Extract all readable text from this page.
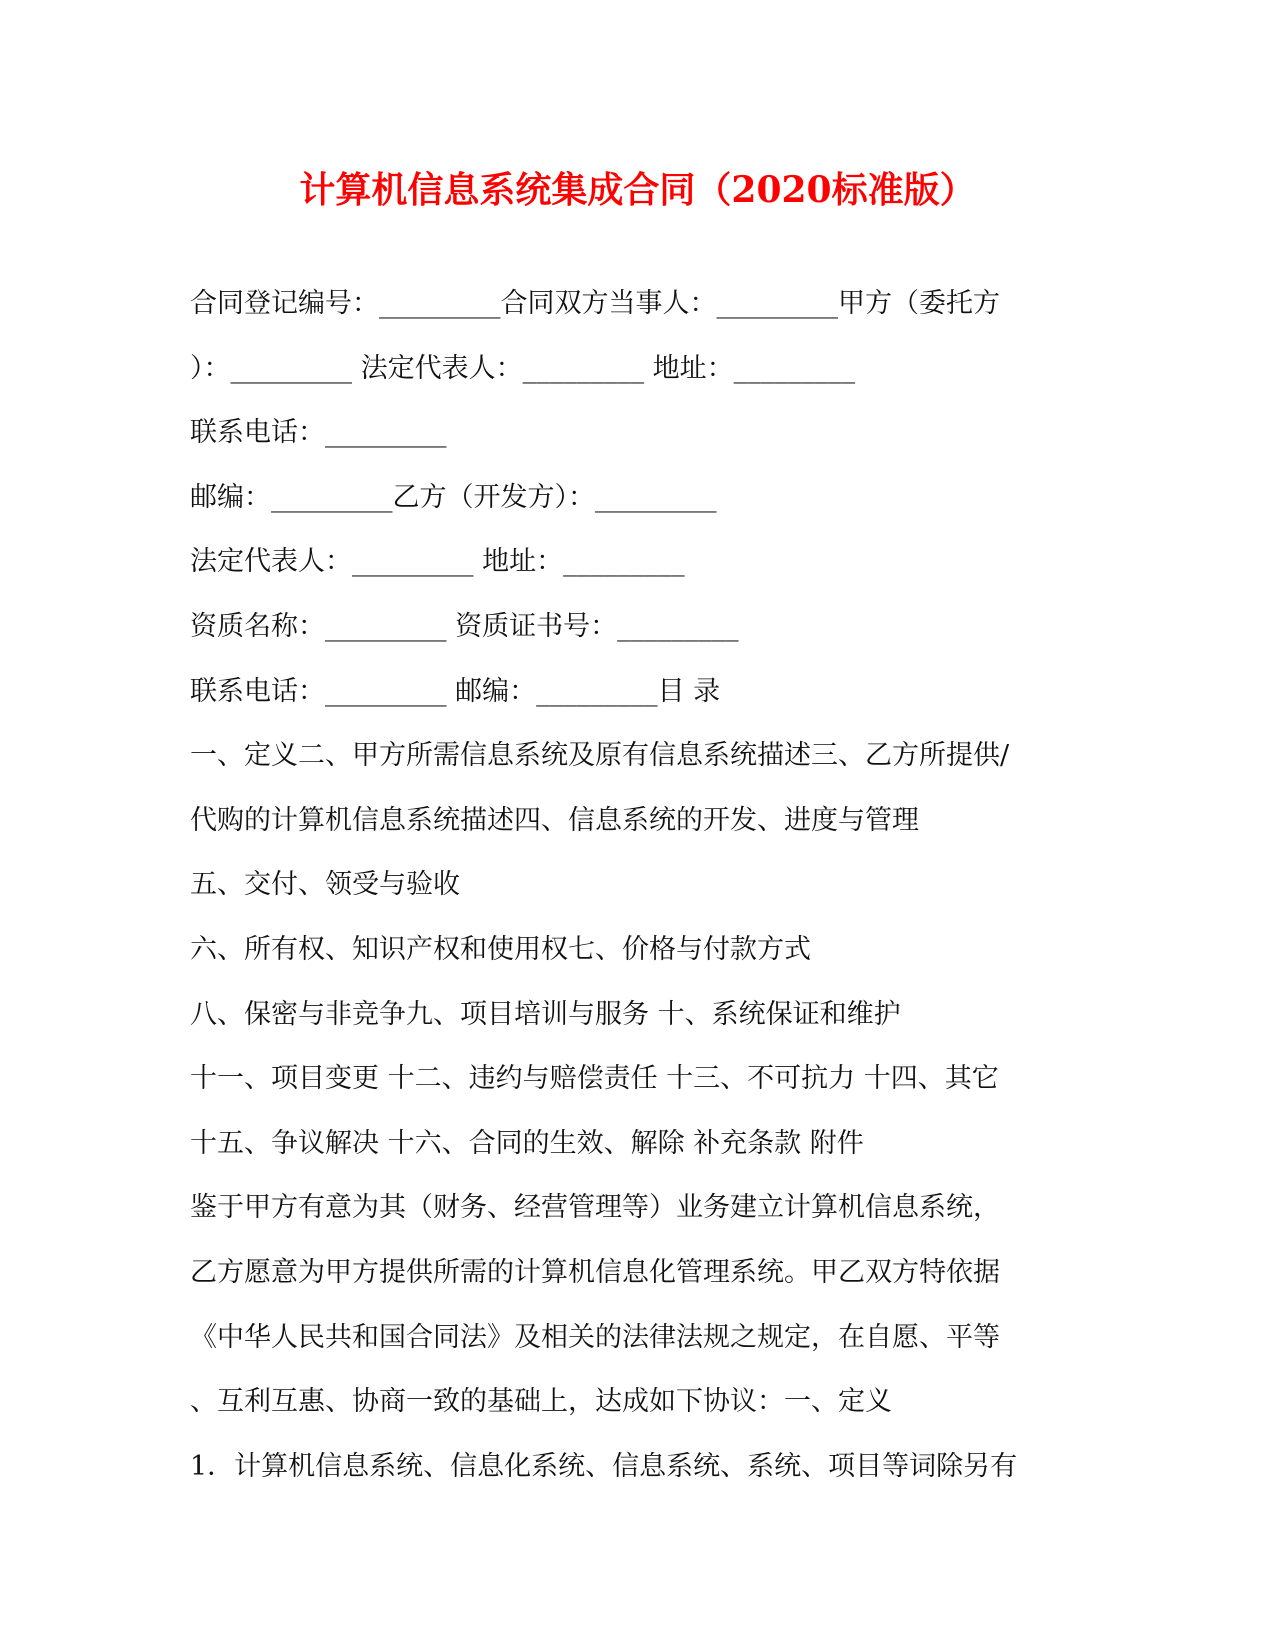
计算机信息系统集成合同（2020标准版）
合同登记编号：_________合同双方当事人：_________甲方（委托方
）：_________ 法定代表人：_________ 地址：_________
联系电话：_________
邮编：_________乙方（开发方）：_________
法定代表人：_________ 地址：_________
资质名称：_________ 资质证书号：_________
联系电话：_________ 邮编：_________目 录
一、定义二、甲方所需信息系统及原有信息系统描述三、乙方所提供/
代购的计算机信息系统描述四、信息系统的开发、进度与管理
五、交付、领受与验收
六、所有权、知识产权和使用权七、价格与付款方式
八、保密与非竞争九、项目培训与服务 十、系统保证和维护
十一、项目变更 十二、违约与赔偿责任 十三、不可抗力 十四、其它
十五、争议解决 十六、合同的生效、解除 补充条款 附件
鉴于甲方有意为其（财务、经营管理等）业务建立计算机信息系统，
乙方愿意为甲方提供所需的计算机信息化管理系统。甲乙双方特依据
《中华人民共和国合同法》及相关的法律法规之规定，在自愿、平等
、互利互惠、协商一致的基础上，达成如下协议：一、定义
1．计算机信息系统、信息化系统、信息系统、系统、项目等词除另有
